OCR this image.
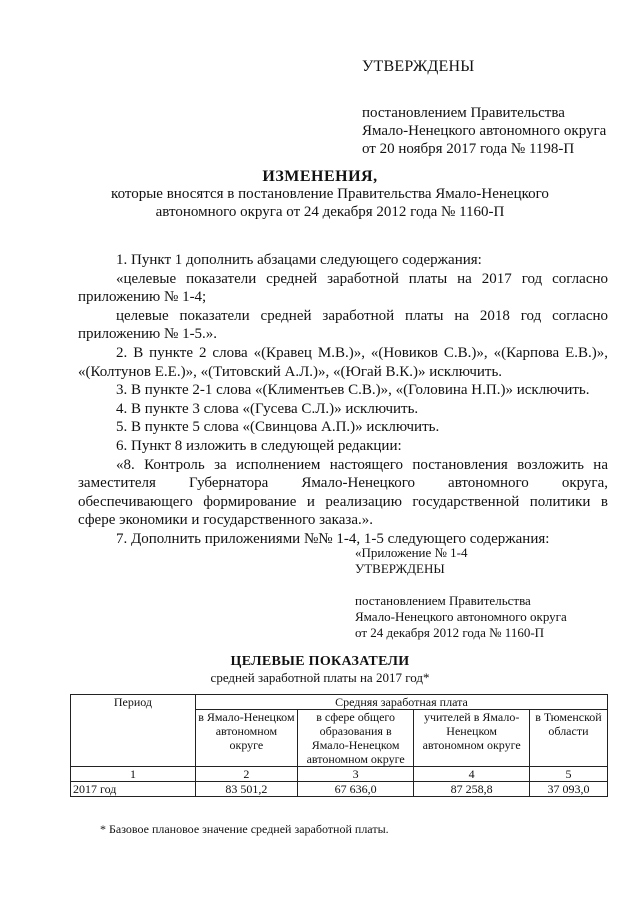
УТВЕРЖДЕНЫ
постановлением Правительства
Ямало-Ненецкого автономного округа
от 20 ноября 2017 года № 1198-П
ИЗМЕНЕНИЯ,
которые вносятся в постановление Правительства Ямало-Ненецкого
автономного округа от 24 декабря 2012 года № 1160-П

1. Пункт 1 дополнить абзацами следующего содержания:

«целевые показатели средней заработной платы на 2017 год согласно приложению № 1-4;

целевые показатели средней заработной платы на 2018 год согласно приложению № 1-5.».

2. В пункте 2 слова «(Кравец М.В.)», «(Новиков С.В.)», «(Карпова Е.В.)», «(Колтунов Е.Е.)», «(Титовский А.Л.)», «(Югай В.К.)» исключить.

3. В пункте 2-1 слова «(Климентьев С.В.)», «(Головина Н.П.)» исключить.

4. В пункте 3 слова «(Гусева С.Л.)» исключить.

5. В пункте 5 слова «(Свинцова А.П.)» исключить.

6. Пункт 8 изложить в следующей редакции:

«8. Контроль за исполнением настоящего постановления возложить на заместителя Губернатора Ямало-Ненецкого автономного округа, обеспечивающего формирование и реализацию государственной политики в сфере экономики и государственного заказа.».

7. Дополнить приложениями №№ 1-4, 1-5 следующего содержания:

«Приложение № 1-4
УТВЕРЖДЕНЫ
постановлением Правительства
Ямало-Ненецкого автономного округа
от 24 декабря 2012 года № 1160-П
ЦЕЛЕВЫЕ ПОКАЗАТЕЛИ
средней заработной платы на 2017 год*
Период	Средняя заработная плата			
	в Ямало-Ненецком автономном округе	в сфере общего образования в Ямало-Ненецком автономном округе	учителей в Ямало-Ненецком автономном округе	в Тюменской области
1	2	3	4	5
2017 год	83 501,2	67 636,0	87 258,8	37 093,0
* Базовое плановое значение средней заработной платы.
